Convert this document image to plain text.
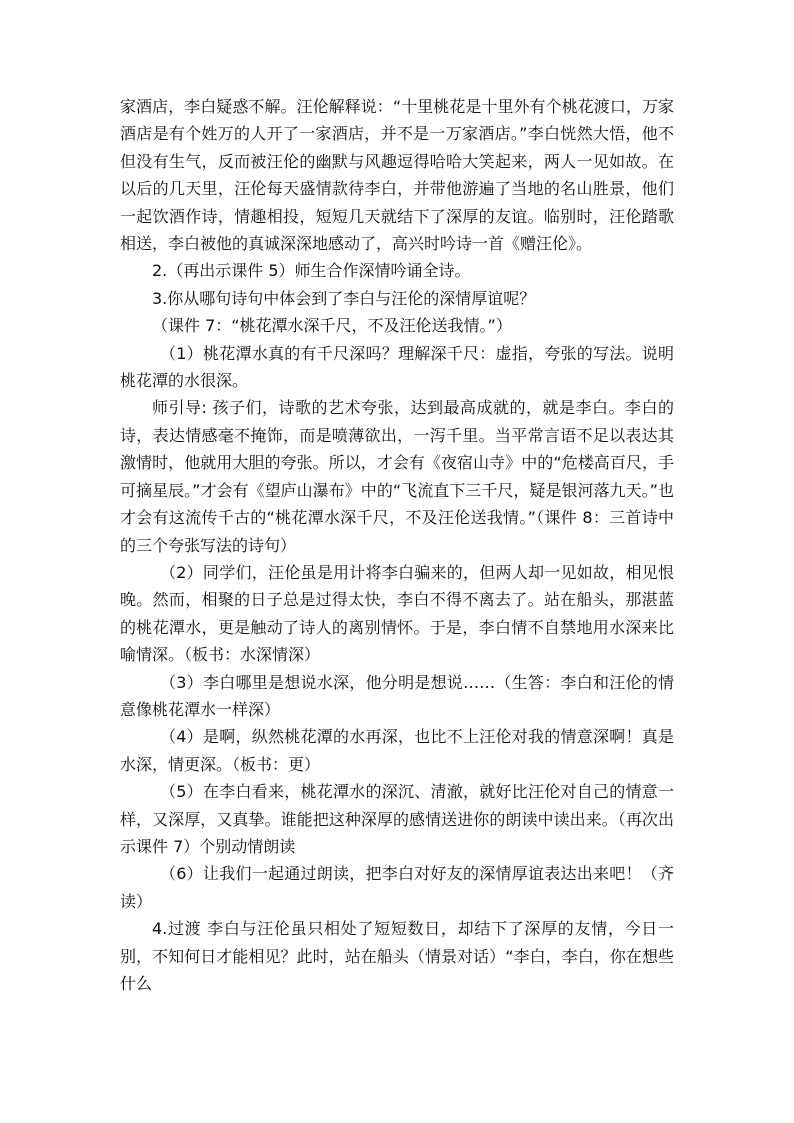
家酒店，李白疑惑不解。汪伦解释说：“十里桃花是十里外有个桃花渡口，万家酒店是有个姓万的人开了一家酒店，并不是一万家酒店。”李白恍然大悟，他不但没有生气，反而被汪伦的幽默与风趣逗得哈哈大笑起来，两人一见如故。在以后的几天里，汪伦每天盛情款待李白，并带他游遍了当地的名山胜景，他们一起饮酒作诗，情趣相投，短短几天就结下了深厚的友谊。临别时，汪伦踏歌相送，李白被他的真诚深深地感动了，高兴时吟诗一首《赠汪伦》。

2.（再出示课件 5）师生合作深情吟诵全诗。

3.你从哪句诗句中体会到了李白与汪伦的深情厚谊呢？

（课件 7：“桃花潭水深千尺，不及汪伦送我情。”）

（1）桃花潭水真的有千尺深吗？理解深千尺：虚指，夸张的写法。说明桃花潭的水很深。

师引导: 孩子们，诗歌的艺术夸张，达到最高成就的，就是李白。李白的诗，表达情感毫不掩饰，而是喷薄欲出，一泻千里。当平常言语不足以表达其激情时，他就用大胆的夸张。所以，才会有《夜宿山寺》中的“危楼高百尺，手可摘星辰。”才会有《望庐山瀑布》中的“飞流直下三千尺，疑是银河落九天。”也才会有这流传千古的“桃花潭水深千尺，不及汪伦送我情。”（课件 8：三首诗中的三个夸张写法的诗句）

（2）同学们，汪伦虽是用计将李白骗来的，但两人却一见如故，相见恨晚。然而，相聚的日子总是过得太快，李白不得不离去了。站在船头，那湛蓝的桃花潭水，更是触动了诗人的离别情怀。于是，李白情不自禁地用水深来比喻情深。（板书：水深情深）

（3）李白哪里是想说水深，他分明是想说……（生答：李白和汪伦的情意像桃花潭水一样深）

（4）是啊，纵然桃花潭的水再深，也比不上汪伦对我的情意深啊！真是水深，情更深。（板书：更）

（5）在李白看来，桃花潭水的深沉、清澈，就好比汪伦对自己的情意一样，又深厚，又真挚。谁能把这种深厚的感情送进你的朗读中读出来。（再次出示课件 7）个别动情朗读

（6）让我们一起通过朗读，把李白对好友的深情厚谊表达出来吧！（齐读）

4.过渡 李白与汪伦虽只相处了短短数日，却结下了深厚的友情，今日一别，不知何日才能相见？此时，站在船头（情景对话）“李白，李白，你在想些什么
